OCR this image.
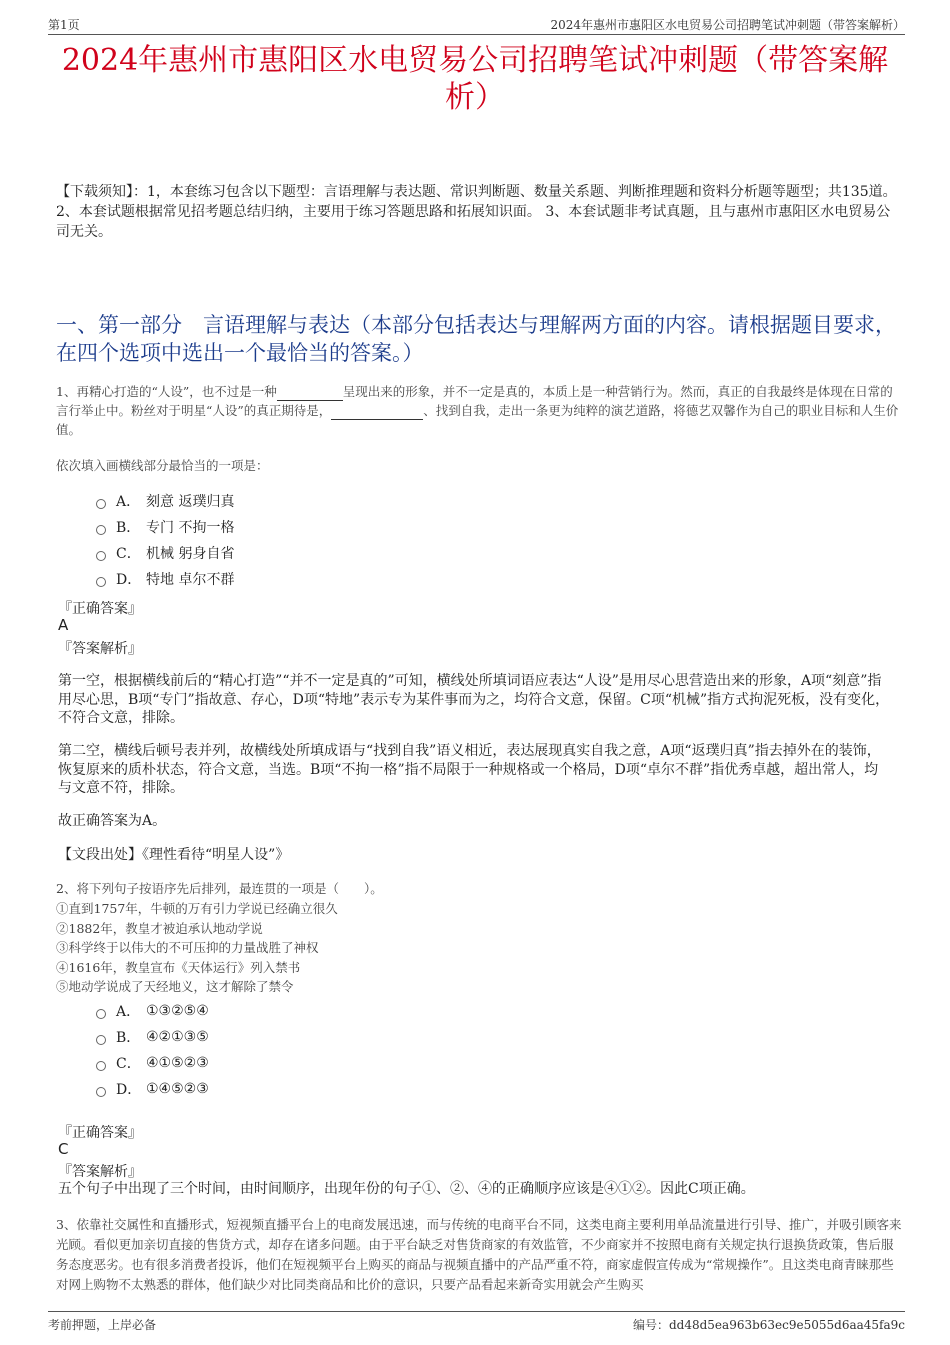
第1页	2024年惠州市惠阳区水电贸易公司招聘笔试冲刺题（带答案解析）
2024年惠州市惠阳区水电贸易公司招聘笔试冲刺题（带答案解析）
【下载须知】：1，本套练习包含以下题型：言语理解与表达题、常识判断题、数量关系题、判断推理题和资料分析题等题型；共135道。 2、本套试题根据常见招考题总结归纳，主要用于练习答题思路和拓展知识面。 3、本套试题非考试真题，且与惠州市惠阳区水电贸易公司无关。
一、第一部分　言语理解与表达（本部分包括表达与理解两方面的内容。请根据题目要求，在四个选项中选出一个最恰当的答案。）
1、再精心打造的“人设”，也不过是一种	呈现出来的形象，并不一定是真的，本质上是一种营销行为。然而，真正的自我最终是体现在日常的言行举止中。粉丝对于明星“人设”的真正期待是，	、找到自我，走出一条更为纯粹的演艺道路，将德艺双馨作为自己的职业目标和人生价值。
依次填入画横线部分最恰当的一项是：
A． 刻意 返璞归真
B． 专门 不拘一格
C． 机械 躬身自省
D． 特地 卓尔不群
『正确答案』
A
『答案解析』
第一空，根据横线前后的“精心打造”“并不一定是真的”可知，横线处所填词语应表达“人设”是用尽心思营造出来的形象，A项“刻意”指用尽心思，B项“专门”指故意、存心，D项“特地”表示专为某件事而为之，均符合文意，保留。C项“机械”指方式拘泥死板，没有变化，不符合文意，排除。
第二空，横线后顿号表并列，故横线处所填成语与“找到自我”语义相近，表达展现真实自我之意，A项“返璞归真”指去掉外在的装饰，恢复原来的质朴状态，符合文意，当选。B项“不拘一格”指不局限于一种规格或一个格局，D项“卓尔不群”指优秀卓越，超出常人，均与文意不符，排除。
故正确答案为A。
【文段出处】《理性看待“明星人设”》
2、将下列句子按语序先后排列，最连贯的一项是（　　）。
①直到1757年，牛顿的万有引力学说已经确立很久
②1882年，教皇才被迫承认地动学说
③科学终于以伟大的不可压抑的力量战胜了神权
④1616年，教皇宣布《天体运行》列入禁书
⑤地动学说成了天经地义，这才解除了禁令
A． ①③②⑤④
B． ④②①③⑤
C． ④①⑤②③
D． ①④⑤②③
『正确答案』
C
『答案解析』
五个句子中出现了三个时间，由时间顺序，出现年份的句子①、②、④的正确顺序应该是④①②。因此C项正确。
3、依靠社交属性和直播形式，短视频直播平台上的电商发展迅速，而与传统的电商平台不同，这类电商主要利用单品流量进行引导、推广，并吸引顾客来光顾。看似更加亲切直接的售货方式，却存在诸多问题。由于平台缺乏对售货商家的有效监管，不少商家并不按照电商有关规定执行退换货政策，售后服务态度恶劣。也有很多消费者投诉，他们在短视频平台上购买的商品与视频直播中的产品严重不符，商家虚假宣传成为“常规操作”。且这类电商青睐那些对网上购物不太熟悉的群体，他们缺少对比同类商品和比价的意识，只要产品看起来新奇实用就会产生购买
考前押题，上岸必备	编号：dd48d5ea963b63ec9e5055d6aa45fa9c
